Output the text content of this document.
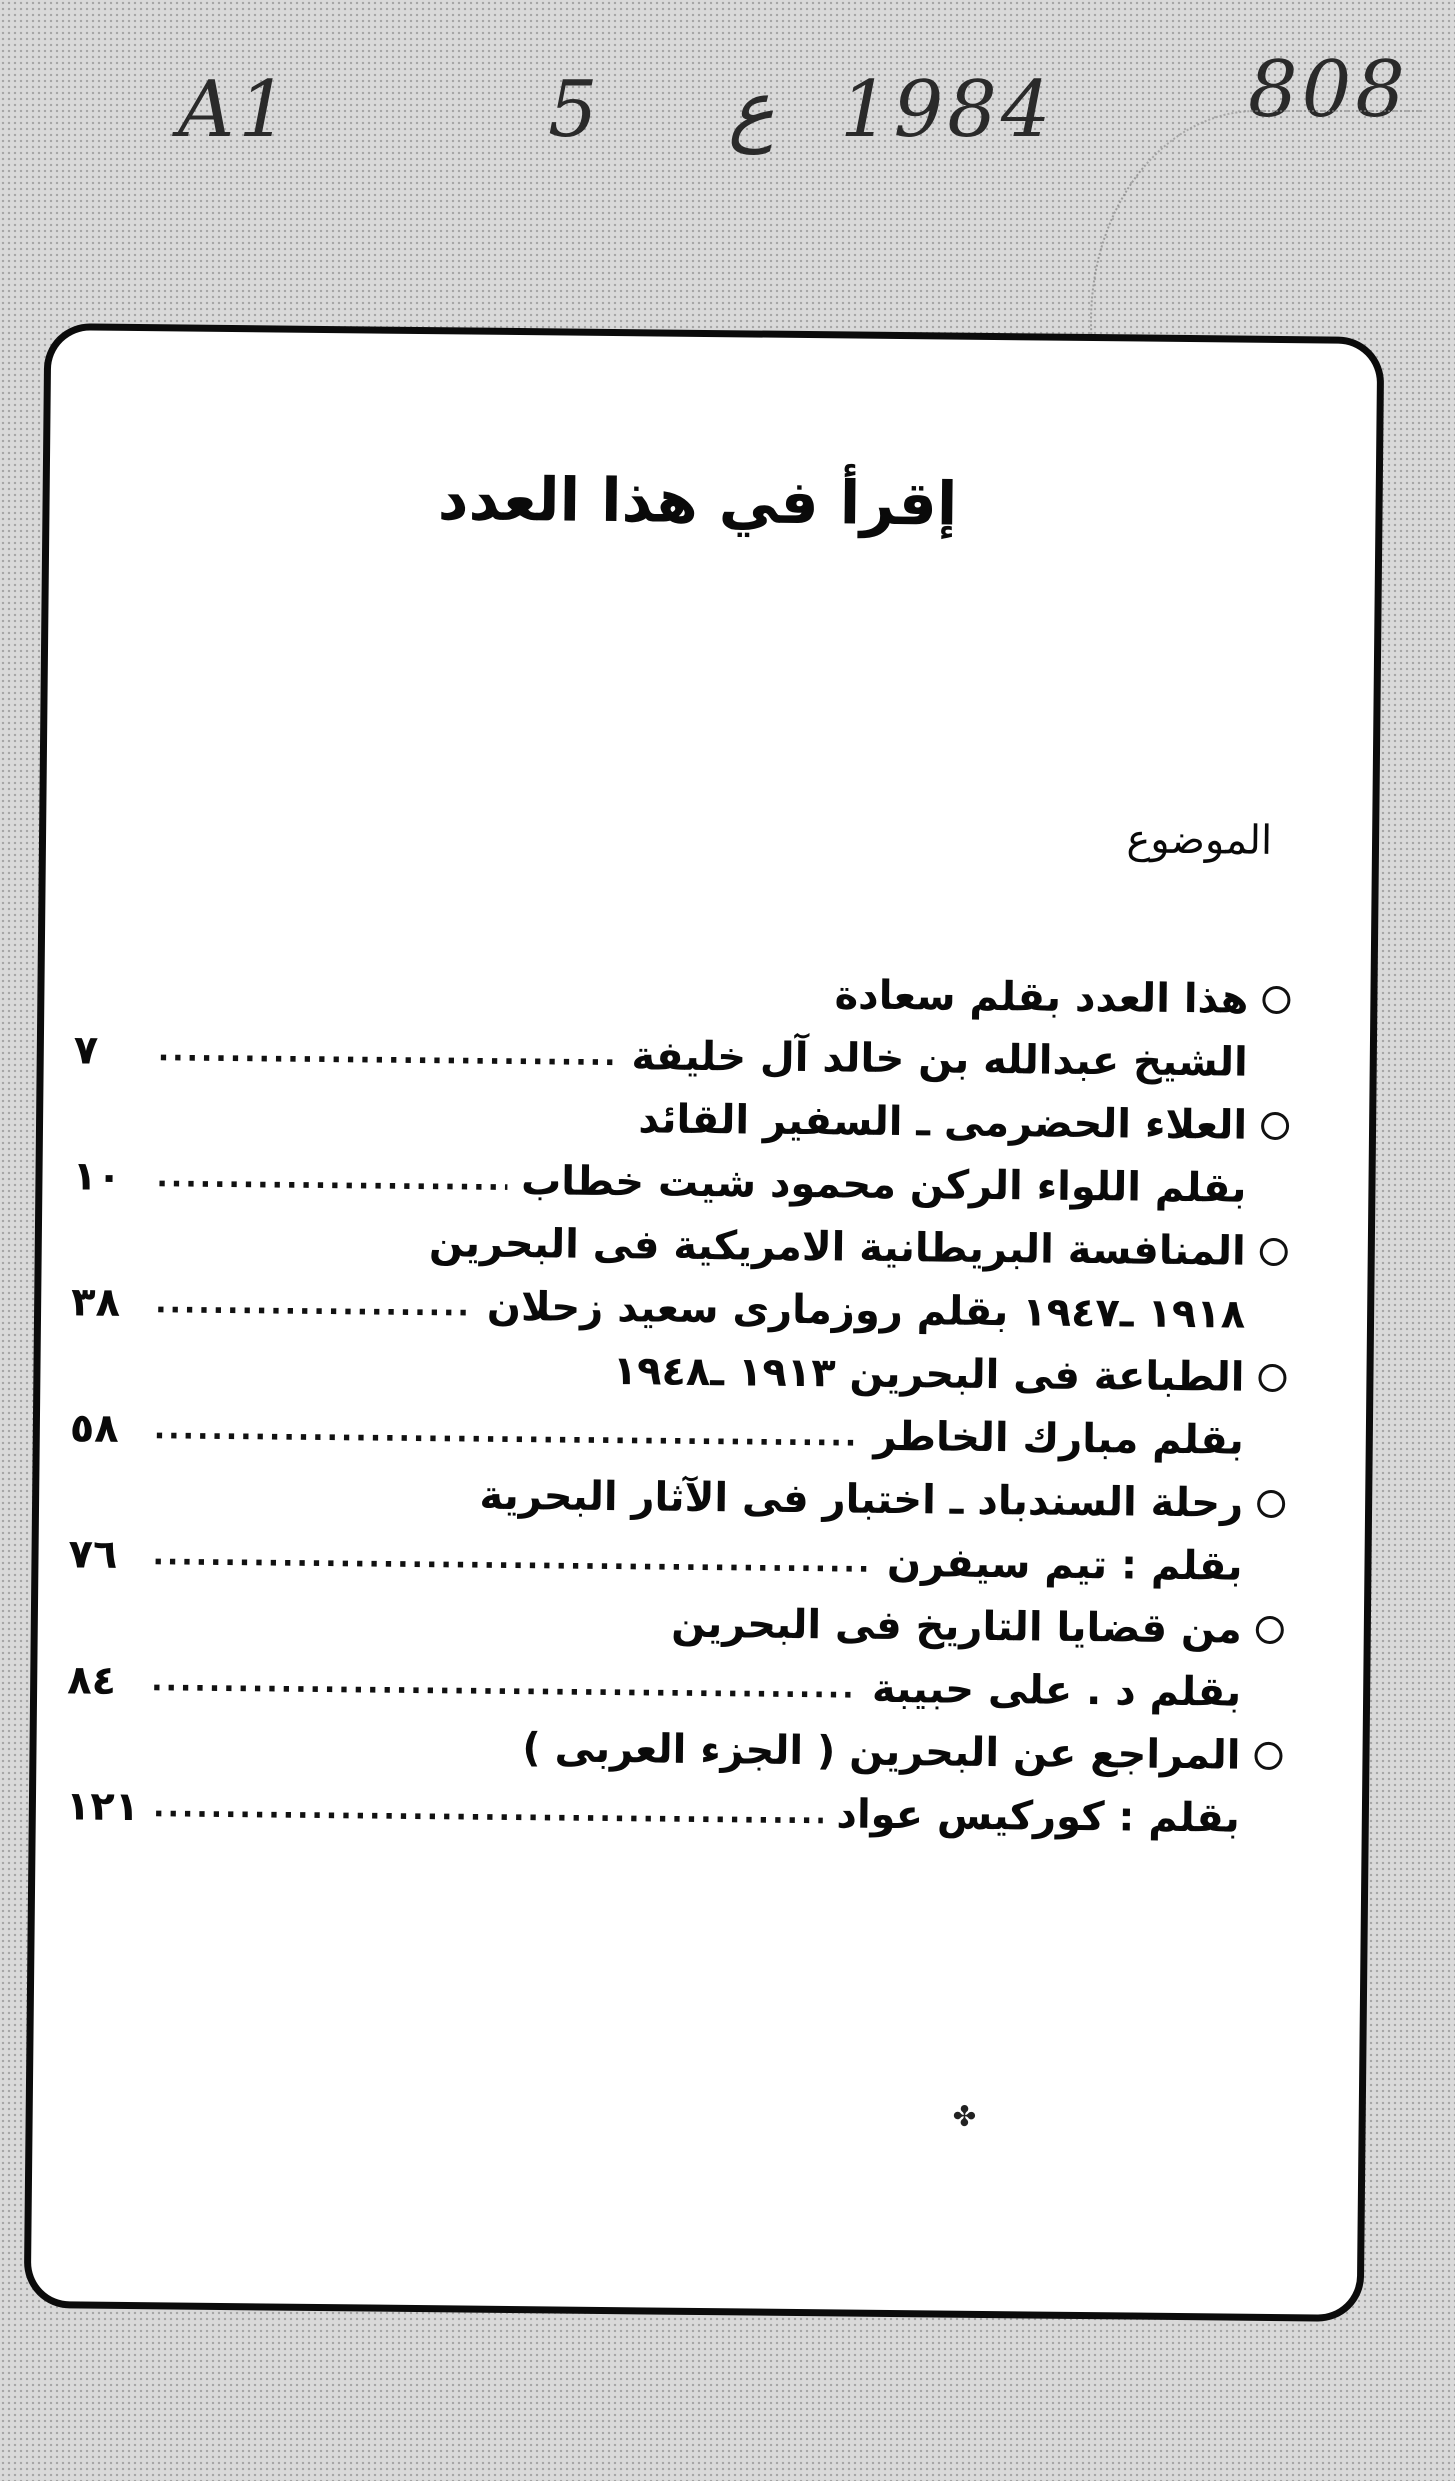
A1	5 ع 1984 808
إقرأ في هذا العدد
الموضوع
هذا العدد بقلم سعادة
الشيخ عبدالله بن خالد آل خليفة
.....
٧
العلاء الحضرمى ـ السفير القائد
بقلم اللواء الركن محمود شيت خطاب
.....
١٠
المنافسة البريطانية الامريكية فى البحرين
١٩١٨ ـ١٩٤٧ بقلم روزمارى سعيد زحلان
.....
٣٨
الطباعة فى البحرين ١٩١٣ ـ١٩٤٨
بقلم مبارك الخاطر
.....
٥٨
رحلة السندباد ـ اختبار فى الآثار البحرية
بقلم : تيم سيفرن
.....
٧٦
من قضايا التاريخ فى البحرين
بقلم د . على حبيبة
.....
٨٤
المراجع عن البحرين ( الجزء العربى )
بقلم : كوركيس عواد
.....
١٢١
✤
